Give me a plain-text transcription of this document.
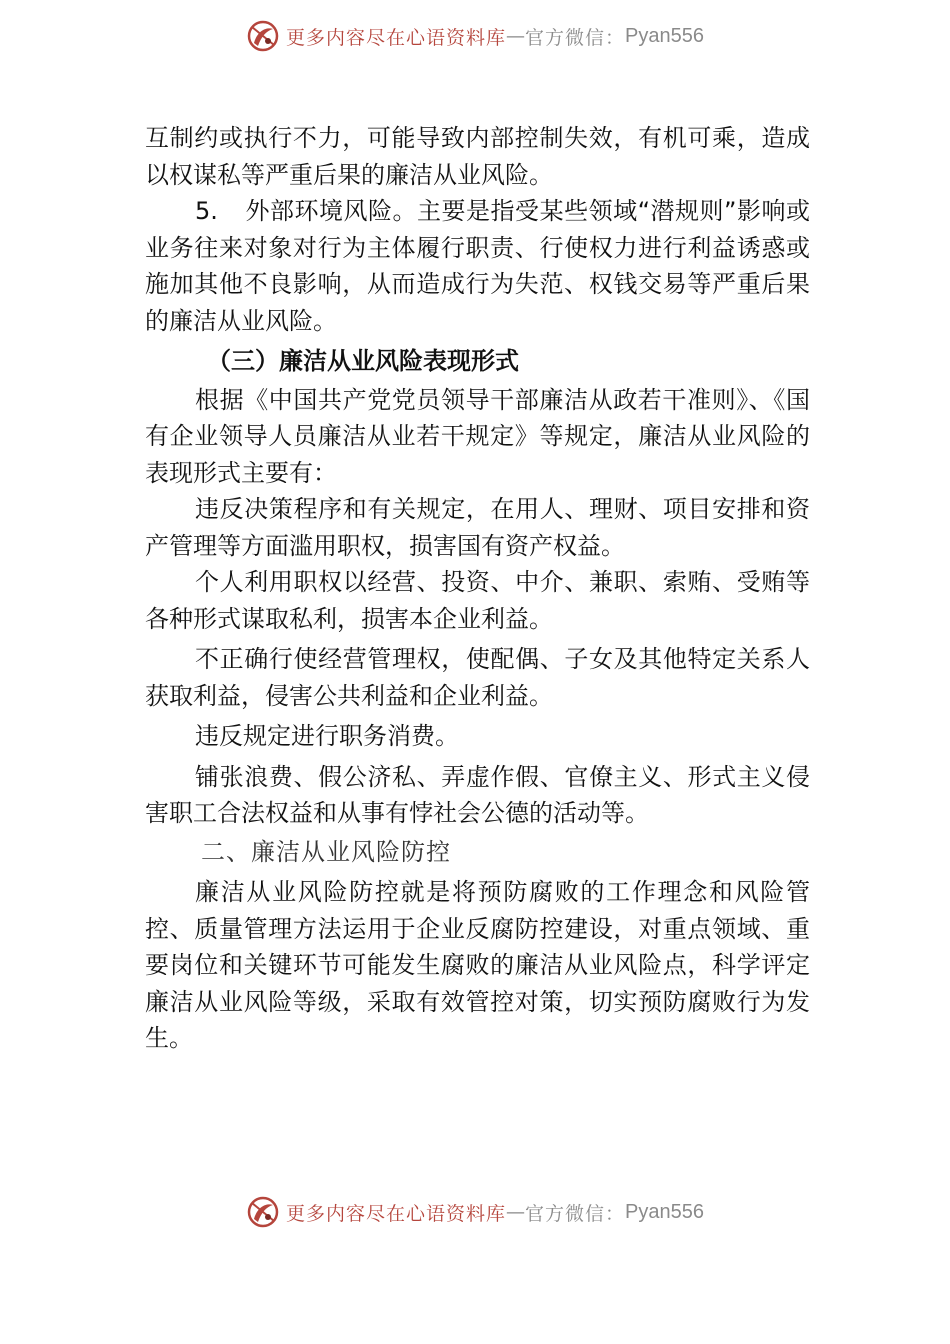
更多内容尽在心语资料库 — 官方微信： Pyan556

互制约或执行不力，可能导致内部控制失效，有机可乘，造成以权谋私等严重后果的廉洁从业风险。

5. 外部环境风险。主要是指受某些领域“潜规则”影响或业务往来对象对行为主体履行职责、行使权力进行利益诱惑或施加其他不良影响，从而造成行为失范、权钱交易等严重后果的廉洁从业风险。

（三）廉洁从业风险表现形式

根据《中国共产党党员领导干部廉洁从政若干准则》、《国有企业领导人员廉洁从业若干规定》等规定，廉洁从业风险的表现形式主要有：

违反决策程序和有关规定，在用人、理财、项目安排和资产管理等方面滥用职权，损害国有资产权益。

个人利用职权以经营、投资、中介、兼职、索贿、受贿等各种形式谋取私利，损害本企业利益。

不正确行使经营管理权，使配偶、子女及其他特定关系人获取利益，侵害公共利益和企业利益。

违反规定进行职务消费。

铺张浪费、假公济私、弄虚作假、官僚主义、形式主义侵害职工合法权益和从事有悖社会公德的活动等。

二、廉洁从业风险防控

廉洁从业风险防控就是将预防腐败的工作理念和风险管控、质量管理方法运用于企业反腐防控建设，对重点领域、重要岗位和关键环节可能发生腐败的廉洁从业风险点，科学评定廉洁从业风险等级，采取有效管控对策，切实预防腐败行为发生。

更多内容尽在心语资料库 — 官方微信： Pyan556
